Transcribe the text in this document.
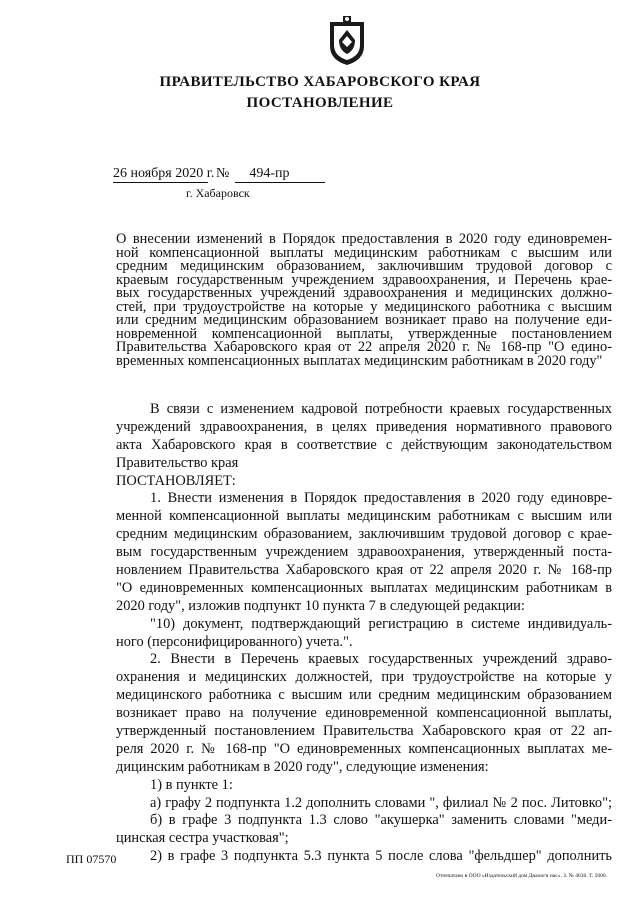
ПРАВИТЕЛЬСТВО ХАБАРОВСКОГО КРАЯ
ПОСТАНОВЛЕНИЕ
26 ноября 2020 г. № 494-пр
г. Хабаровск
О внесении изменений в Порядок предоставления в 2020 году единовремен-
ной компенсационной выплаты медицинским работникам с высшим или
средним медицинским образованием, заключившим трудовой договор с
краевым государственным учреждением здравоохранения, и Перечень крае-
вых государственных учреждений здравоохранения и медицинских должно-
стей, при трудоустройстве на которые у медицинского работника с высшим
или средним медицинским образованием возникает право на получение еди-
новременной компенсационной выплаты, утвержденные постановлением
Правительства Хабаровского края от 22 апреля 2020 г. № 168-пр "О едино-
временных компенсационных выплатах медицинским работникам в 2020 году"
В связи с изменением кадровой потребности краевых государственных
учреждений здравоохранения, в целях приведения нормативного правового
акта Хабаровского края в соответствие с действующим законодательством
Правительство края
ПОСТАНОВЛЯЕТ:
1. Внести изменения в Порядок предоставления в 2020 году единовре-
менной компенсационной выплаты медицинским работникам с высшим или
средним медицинским образованием, заключившим трудовой договор с крае-
вым государственным учреждением здравоохранения, утвержденный поста-
новлением Правительства Хабаровского края от 22 апреля 2020 г. № 168-пр
"О единовременных компенсационных выплатах медицинским работникам в
2020 году", изложив подпункт 10 пункта 7 в следующей редакции:
"10) документ, подтверждающий регистрацию в системе индивидуаль-
ного (персонифицированного) учета.".
2. Внести в Перечень краевых государственных учреждений здраво-
охранения и медицинских должностей, при трудоустройстве на которые у
медицинского работника с высшим или средним медицинским образованием
возникает право на получение единовременной компенсационной выплаты,
утвержденный постановлением Правительства Хабаровского края от 22 ап-
реля 2020 г. № 168-пр "О единовременных компенсационных выплатах ме-
дицинским работникам в 2020 году", следующие изменения:
1) в пункте 1:
а) графу 2 подпункта 1.2 дополнить словами ", филиал № 2 пос. Литовко";
б) в графе 3 подпункта 1.3 слово "акушерка" заменить словами "меди-
цинская сестра участковая";
2) в графе 3 подпункта 5.3 пункта 5 после слова "фельдшер" дополнить
ПП 07570
Отпечатано в ООО «Издательский дом Диалоги нас». З. № 4636. Т. 5000.
